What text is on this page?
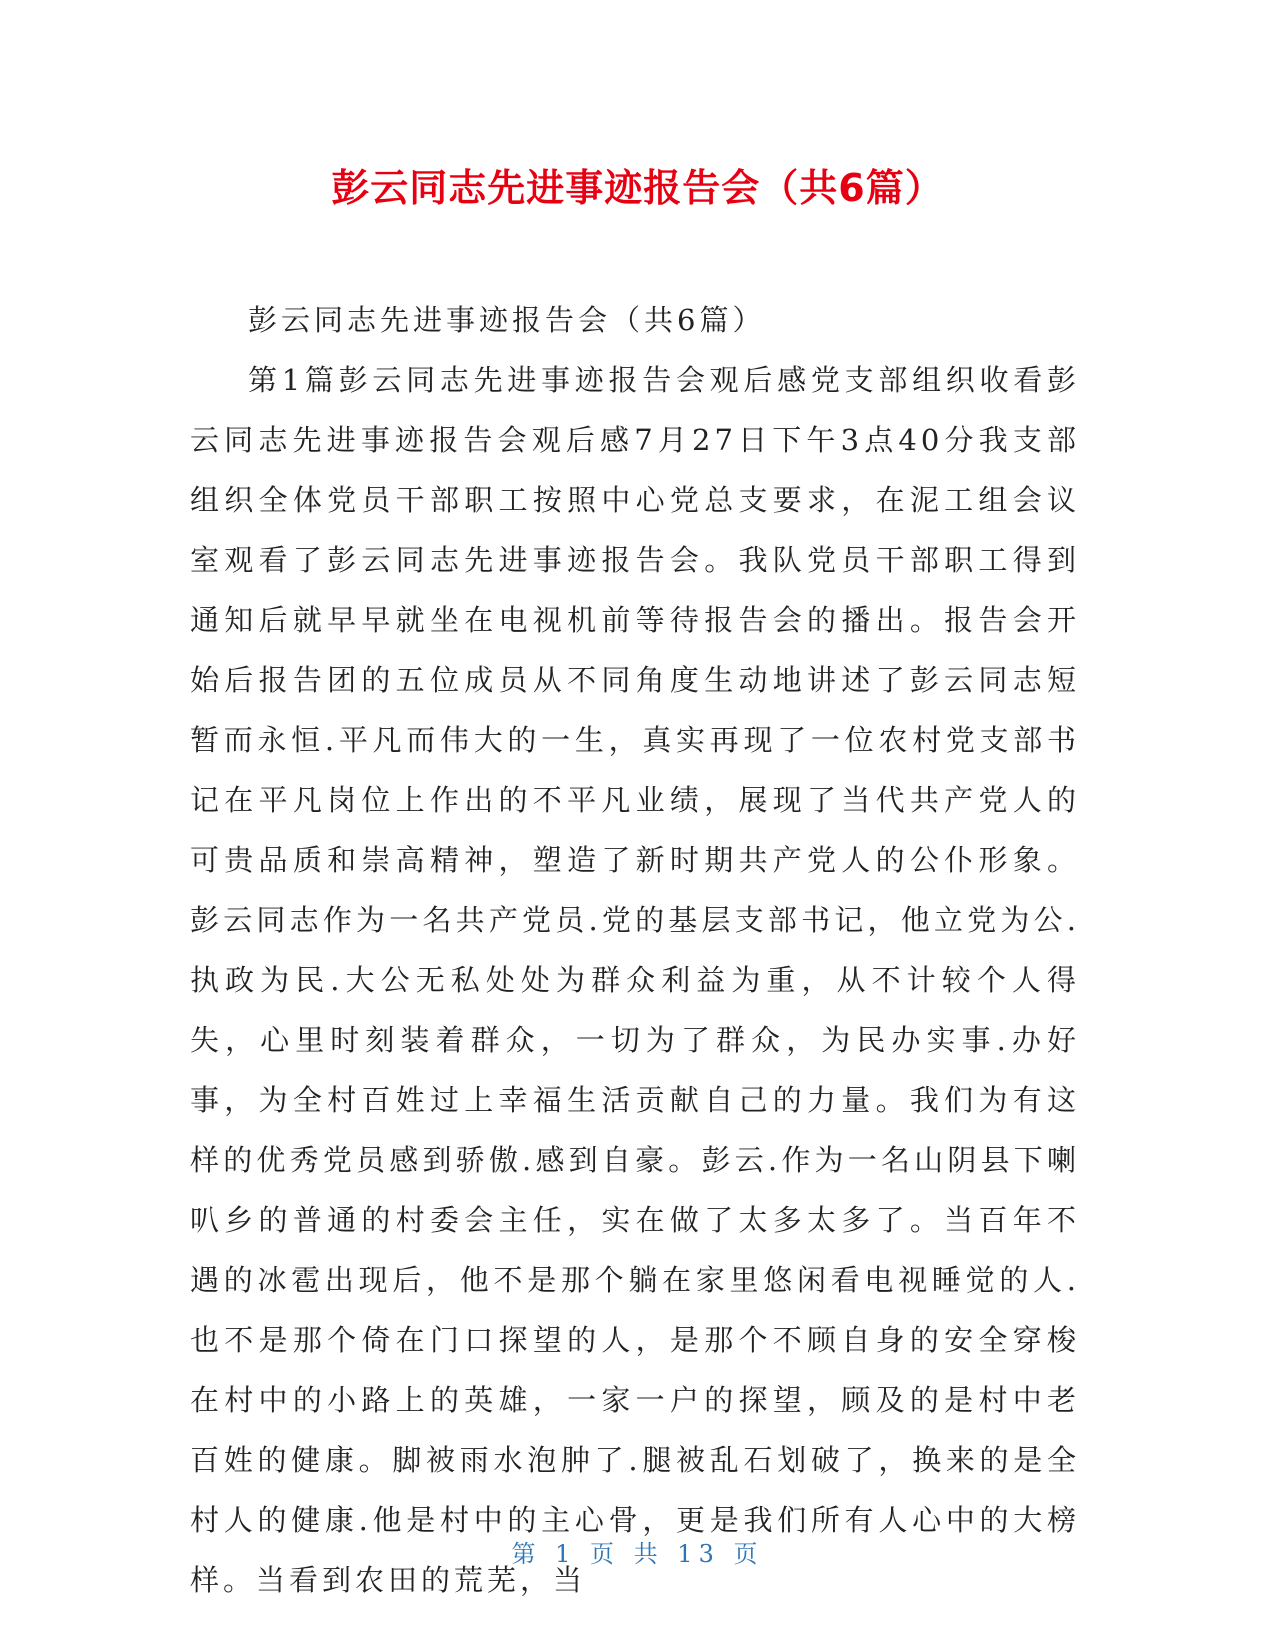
彭云同志先进事迹报告会（共6篇）

彭云同志先进事迹报告会（共6篇）

第1篇彭云同志先进事迹报告会观后感党支部组织收看彭云同志先进事迹报告会观后感7月27日下午3点40分我支部组织全体党员干部职工按照中心党总支要求，在泥工组会议室观看了彭云同志先进事迹报告会。我队党员干部职工得到通知后就早早就坐在电视机前等待报告会的播出。报告会开始后报告团的五位成员从不同角度生动地讲述了彭云同志短暂而永恒.平凡而伟大的一生，真实再现了一位农村党支部书记在平凡岗位上作出的不平凡业绩，展现了当代共产党人的可贵品质和崇高精神，塑造了新时期共产党人的公仆形象。彭云同志作为一名共产党员.党的基层支部书记，他立党为公.执政为民.大公无私处处为群众利益为重，从不计较个人得失，心里时刻装着群众，一切为了群众，为民办实事.办好事，为全村百姓过上幸福生活贡献自己的力量。我们为有这样的优秀党员感到骄傲.感到自豪。彭云.作为一名山阴县下喇叭乡的普通的村委会主任，实在做了太多太多了。当百年不遇的冰雹出现后，他不是那个躺在家里悠闲看电视睡觉的人.也不是那个倚在门口探望的人，是那个不顾自身的安全穿梭在村中的小路上的英雄，一家一户的探望，顾及的是村中老百姓的健康。脚被雨水泡肿了.腿被乱石划破了，换来的是全村人的健康.他是村中的主心骨，更是我们所有人心中的大榜样。当看到农田的荒芜，当

第 1 页 共 13 页
